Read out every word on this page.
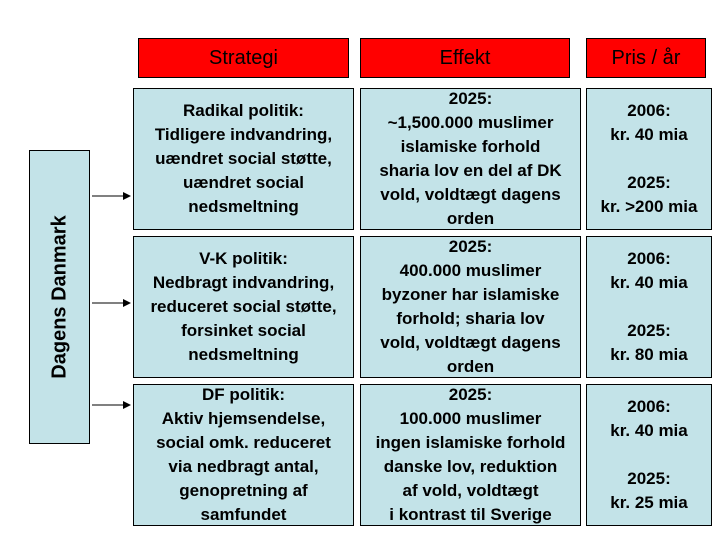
Strategi	Effekt	Pris / år
Dagens Danmark
Radikal politik:
Tidligere indvandring,
uændret social støtte,
uændret social
nedsmeltning
2025:
~1,500.000 muslimer
islamiske forhold
sharia lov en del af DK
vold, voldtægt dagens
orden
2006:
kr. 40 mia
2025:
kr. >200 mia
V-K politik:
Nedbragt indvandring,
reduceret social støtte,
forsinket social
nedsmeltning
2025:
400.000 muslimer
byzoner har islamiske
forhold; sharia lov
vold, voldtægt dagens
orden
2006:
kr. 40 mia
2025:
kr. 80 mia
DF politik:
Aktiv hjemsendelse,
social omk. reduceret
via nedbragt antal,
genopretning af
samfundet
2025:
100.000 muslimer
ingen islamiske forhold
danske lov, reduktion
af vold, voldtægt
i kontrast til Sverige
2006:
kr. 40 mia
2025:
kr. 25 mia
